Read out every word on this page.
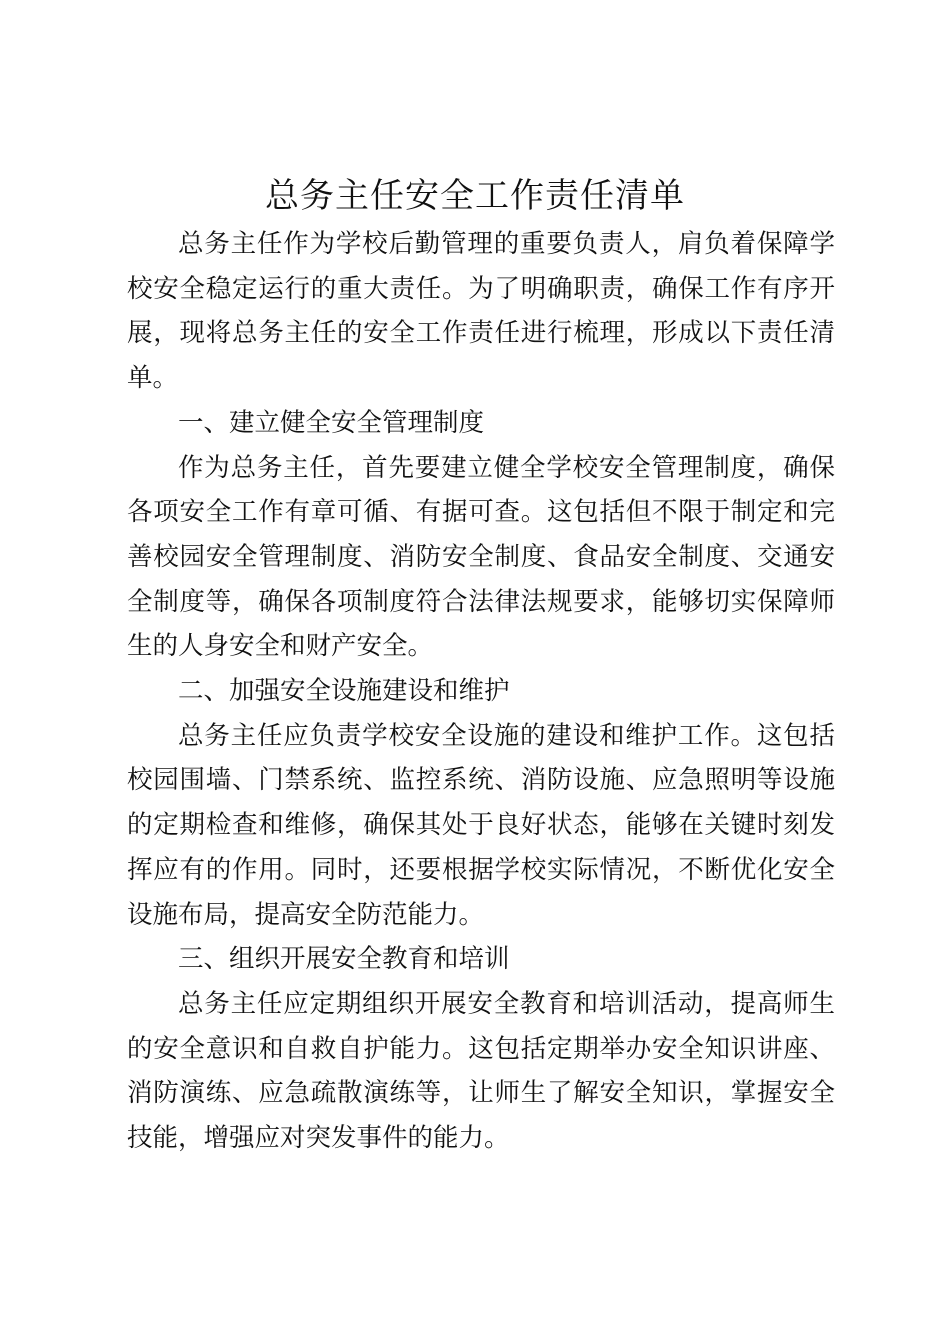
总务主任安全工作责任清单

总务主任作为学校后勤管理的重要负责人，肩负着保障学校安全稳定运行的重大责任。为了明确职责，确保工作有序开展，现将总务主任的安全工作责任进行梳理，形成以下责任清单。

一、建立健全安全管理制度

作为总务主任，首先要建立健全学校安全管理制度，确保各项安全工作有章可循、有据可查。这包括但不限于制定和完善校园安全管理制度、消防安全制度、食品安全制度、交通安全制度等，确保各项制度符合法律法规要求，能够切实保障师生的人身安全和财产安全。

二、加强安全设施建设和维护

总务主任应负责学校安全设施的建设和维护工作。这包括校园围墙、门禁系统、监控系统、消防设施、应急照明等设施的定期检查和维修，确保其处于良好状态，能够在关键时刻发挥应有的作用。同时，还要根据学校实际情况，不断优化安全设施布局，提高安全防范能力。

三、组织开展安全教育和培训

总务主任应定期组织开展安全教育和培训活动，提高师生的安全意识和自救自护能力。这包括定期举办安全知识讲座、消防演练、应急疏散演练等，让师生了解安全知识，掌握安全技能，增强应对突发事件的能力。
